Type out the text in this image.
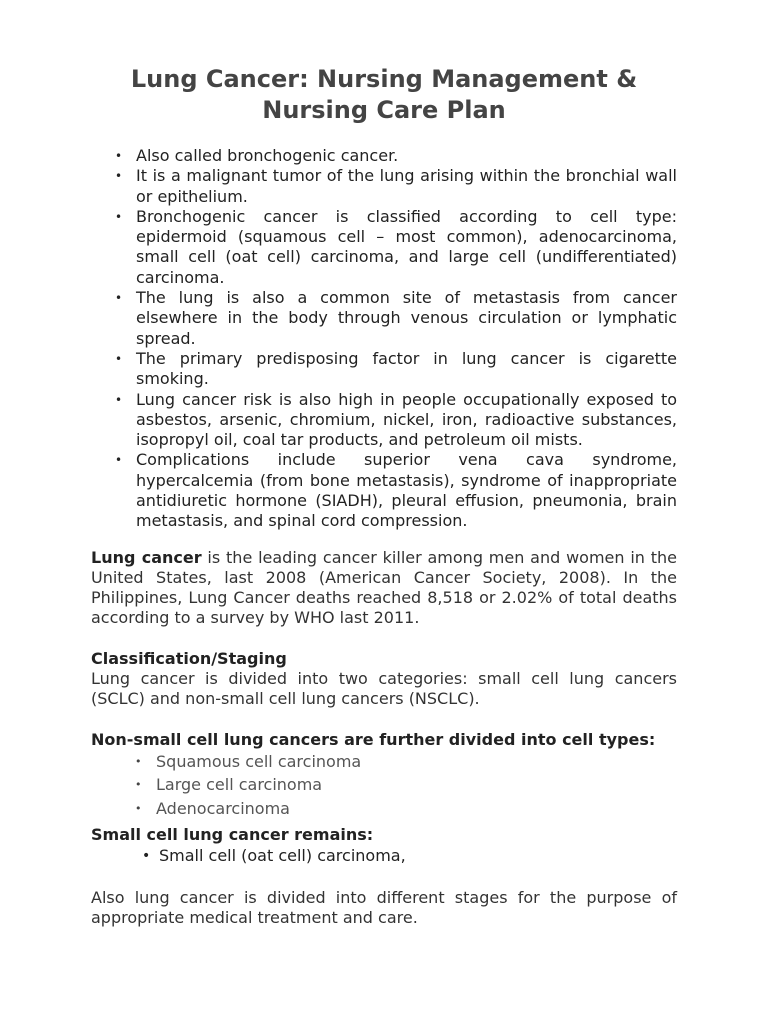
Lung Cancer: Nursing Management & Nursing Care Plan
• Also called bronchogenic cancer.
• It is a malignant tumor of the lung arising within the bronchial wall or epithelium.
• Bronchogenic cancer is classified according to cell type: epidermoid (squamous cell – most common), adenocarcinoma, small cell (oat cell) carcinoma, and large cell (undifferentiated) carcinoma.
• The lung is also a common site of metastasis from cancer elsewhere in the body through venous circulation or lymphatic spread.
• The primary predisposing factor in lung cancer is cigarette smoking.
• Lung cancer risk is also high in people occupationally exposed to asbestos, arsenic, chromium, nickel, iron, radioactive substances, isopropyl oil, coal tar products, and petroleum oil mists.
• Complications include superior vena cava syndrome, hypercalcemia (from bone metastasis), syndrome of inappropriate antidiuretic hormone (SIADH), pleural effusion, pneumonia, brain metastasis, and spinal cord compression.

Lung cancer is the leading cancer killer among men and women in the United States, last 2008 (American Cancer Society, 2008). In the Philippines, Lung Cancer deaths reached 8,518 or 2.02% of total deaths according to a survey by WHO last 2011.

Classification/Staging

Lung cancer is divided into two categories: small cell lung cancers (SCLC) and non-small cell lung cancers (NSCLC).

Non-small cell lung cancers are further divided into cell types:
• Squamous cell carcinoma
• Large cell carcinoma
• Adenocarcinoma
Small cell lung cancer remains:
• Small cell (oat cell) carcinoma,

Also lung cancer is divided into different stages for the purpose of appropriate medical treatment and care.
